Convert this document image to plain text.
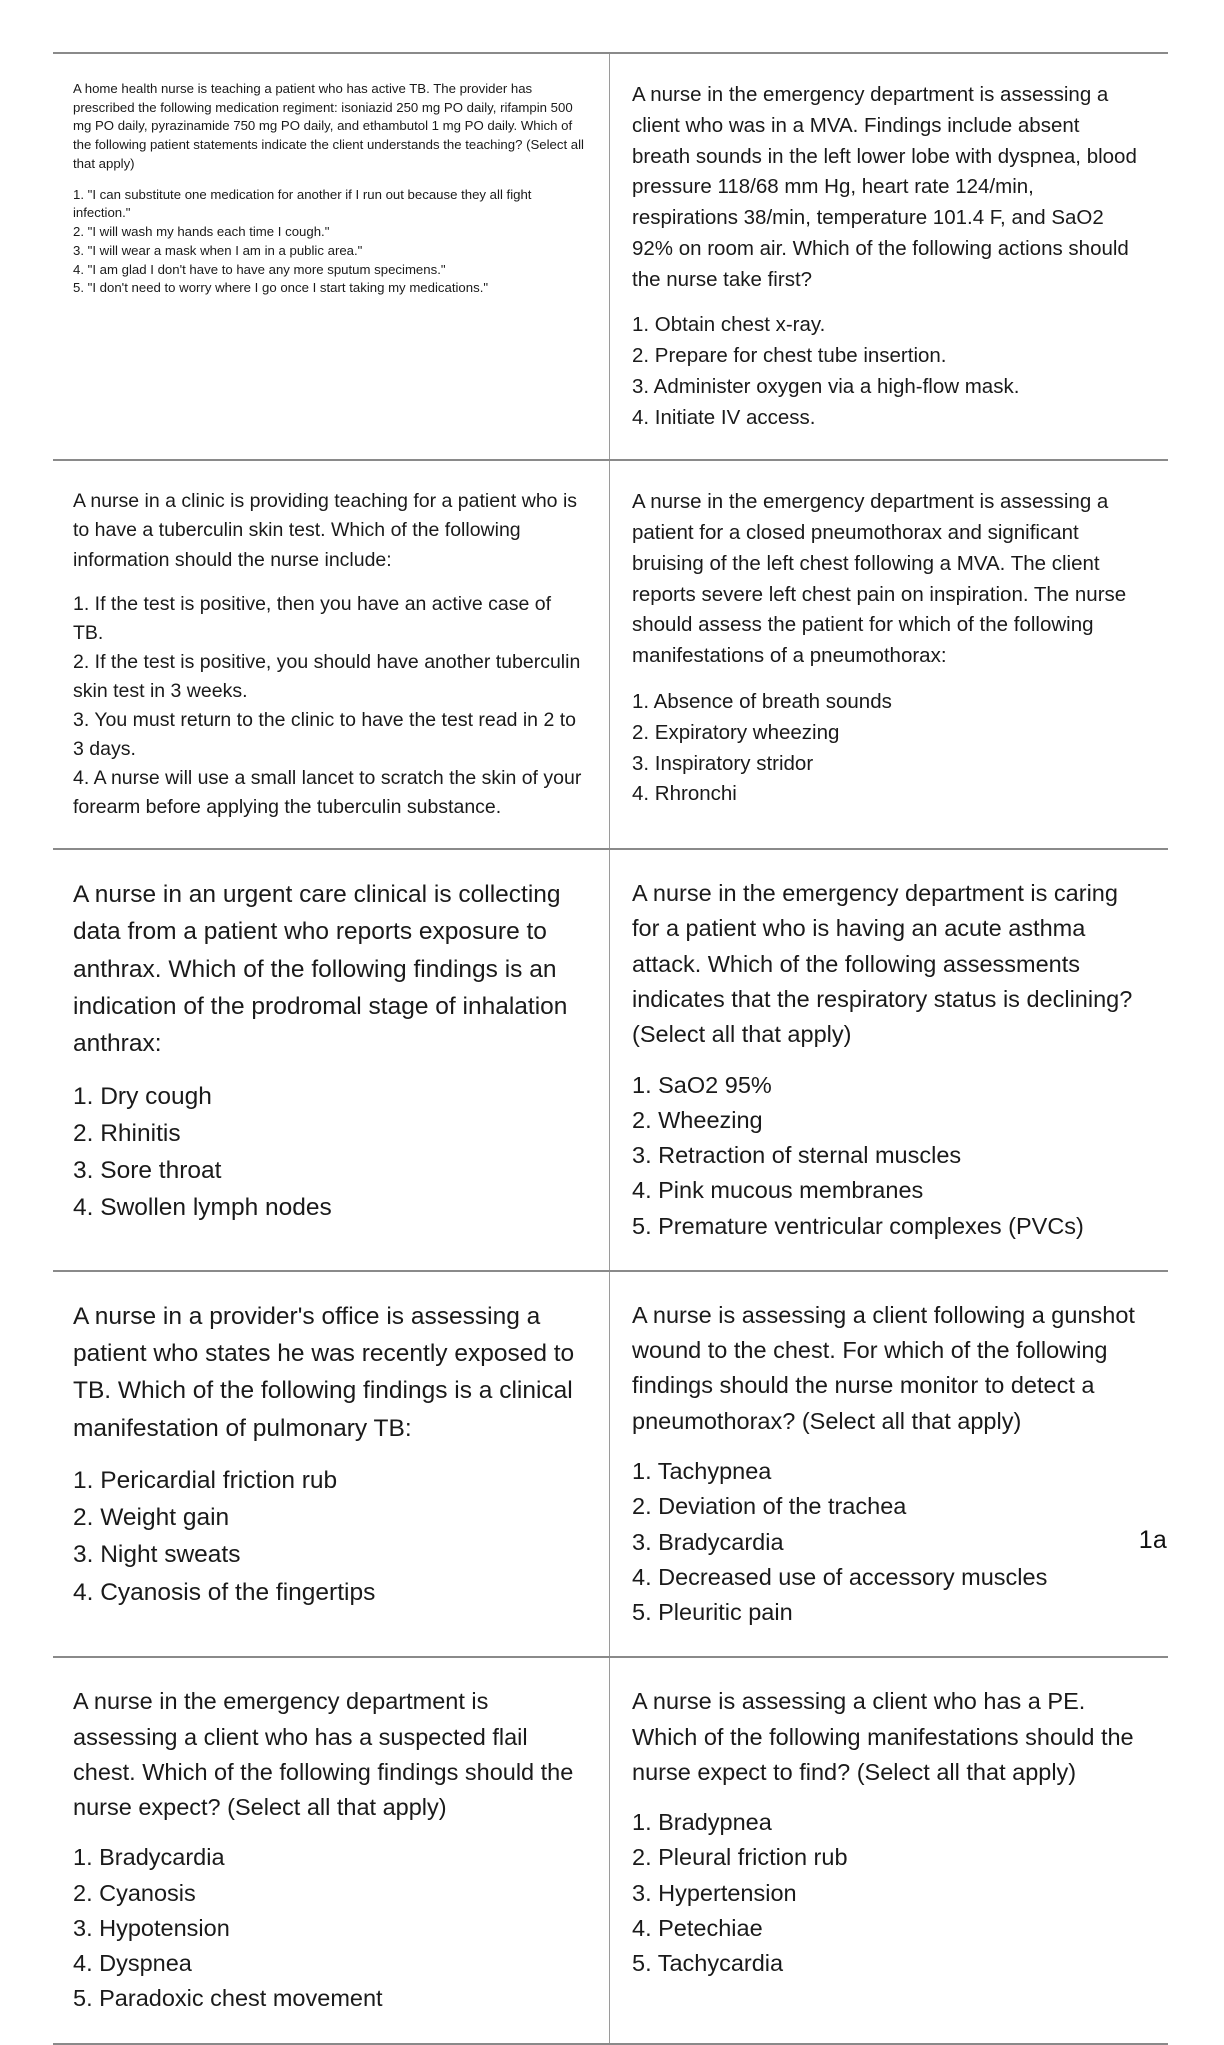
A home health nurse is teaching a patient who has active TB. The provider has prescribed the following medication regiment: isoniazid 250 mg PO daily, rifampin 500 mg PO daily, pyrazinamide 750 mg PO daily, and ethambutol 1 mg PO daily. Which of the following patient statements indicate the client understands the teaching? (Select all that apply)

1. "I can substitute one medication for another if I run out because they all fight infection."
2. "I will wash my hands each time I cough."
3. "I will wear a mask when I am in a public area."
4. "I am glad I don't have to have any more sputum specimens."
5. "I don't need to worry where I go once I start taking my medications."

A nurse in the emergency department is assessing a client who was in a MVA. Findings include absent breath sounds in the left lower lobe with dyspnea, blood pressure 118/68 mm Hg, heart rate 124/min, respirations 38/min, temperature 101.4 F, and SaO2 92% on room air. Which of the following actions should the nurse take first?

1. Obtain chest x-ray.
2. Prepare for chest tube insertion.
3. Administer oxygen via a high-flow mask.
4. Initiate IV access.

A nurse in a clinic is providing teaching for a patient who is to have a tuberculin skin test. Which of the following information should the nurse include:

1. If the test is positive, then you have an active case of TB.
2. If the test is positive, you should have another tuberculin skin test in 3 weeks.
3. You must return to the clinic to have the test read in 2 to 3 days.
4. A nurse will use a small lancet to scratch the skin of your forearm before applying the tuberculin substance.

A nurse in the emergency department is assessing a patient for a closed pneumothorax and significant bruising of the left chest following a MVA. The client reports severe left chest pain on inspiration. The nurse should assess the patient for which of the following manifestations of a pneumothorax:

1. Absence of breath sounds
2. Expiratory wheezing
3. Inspiratory stridor
4. Rhronchi

A nurse in an urgent care clinical is collecting data from a patient who reports exposure to anthrax. Which of the following findings is an indication of the prodromal stage of inhalation anthrax:

1. Dry cough
2. Rhinitis
3. Sore throat
4. Swollen lymph nodes

A nurse in the emergency department is caring for a patient who is having an acute asthma attack. Which of the following assessments indicates that the respiratory status is declining? (Select all that apply)

1. SaO2 95%
2. Wheezing
3. Retraction of sternal muscles
4. Pink mucous membranes
5. Premature ventricular complexes (PVCs)

A nurse in a provider's office is assessing a patient who states he was recently exposed to TB. Which of the following findings is a clinical manifestation of pulmonary TB:

1. Pericardial friction rub
2. Weight gain
3. Night sweats
4. Cyanosis of the fingertips

A nurse is assessing a client following a gunshot wound to the chest. For which of the following findings should the nurse monitor to detect a pneumothorax? (Select all that apply)

1. Tachypnea
2. Deviation of the trachea
3. Bradycardia
4. Decreased use of accessory muscles
5. Pleuritic pain

A nurse in the emergency department is assessing a client who has a suspected flail chest. Which of the following findings should the nurse expect? (Select all that apply)

1. Bradycardia
2. Cyanosis
3. Hypotension
4. Dyspnea
5. Paradoxic chest movement

A nurse is assessing a client who has a PE. Which of the following manifestations should the nurse expect to find? (Select all that apply)

1. Bradypnea
2. Pleural friction rub
3. Hypertension
4. Petechiae
5. Tachycardia
1a
